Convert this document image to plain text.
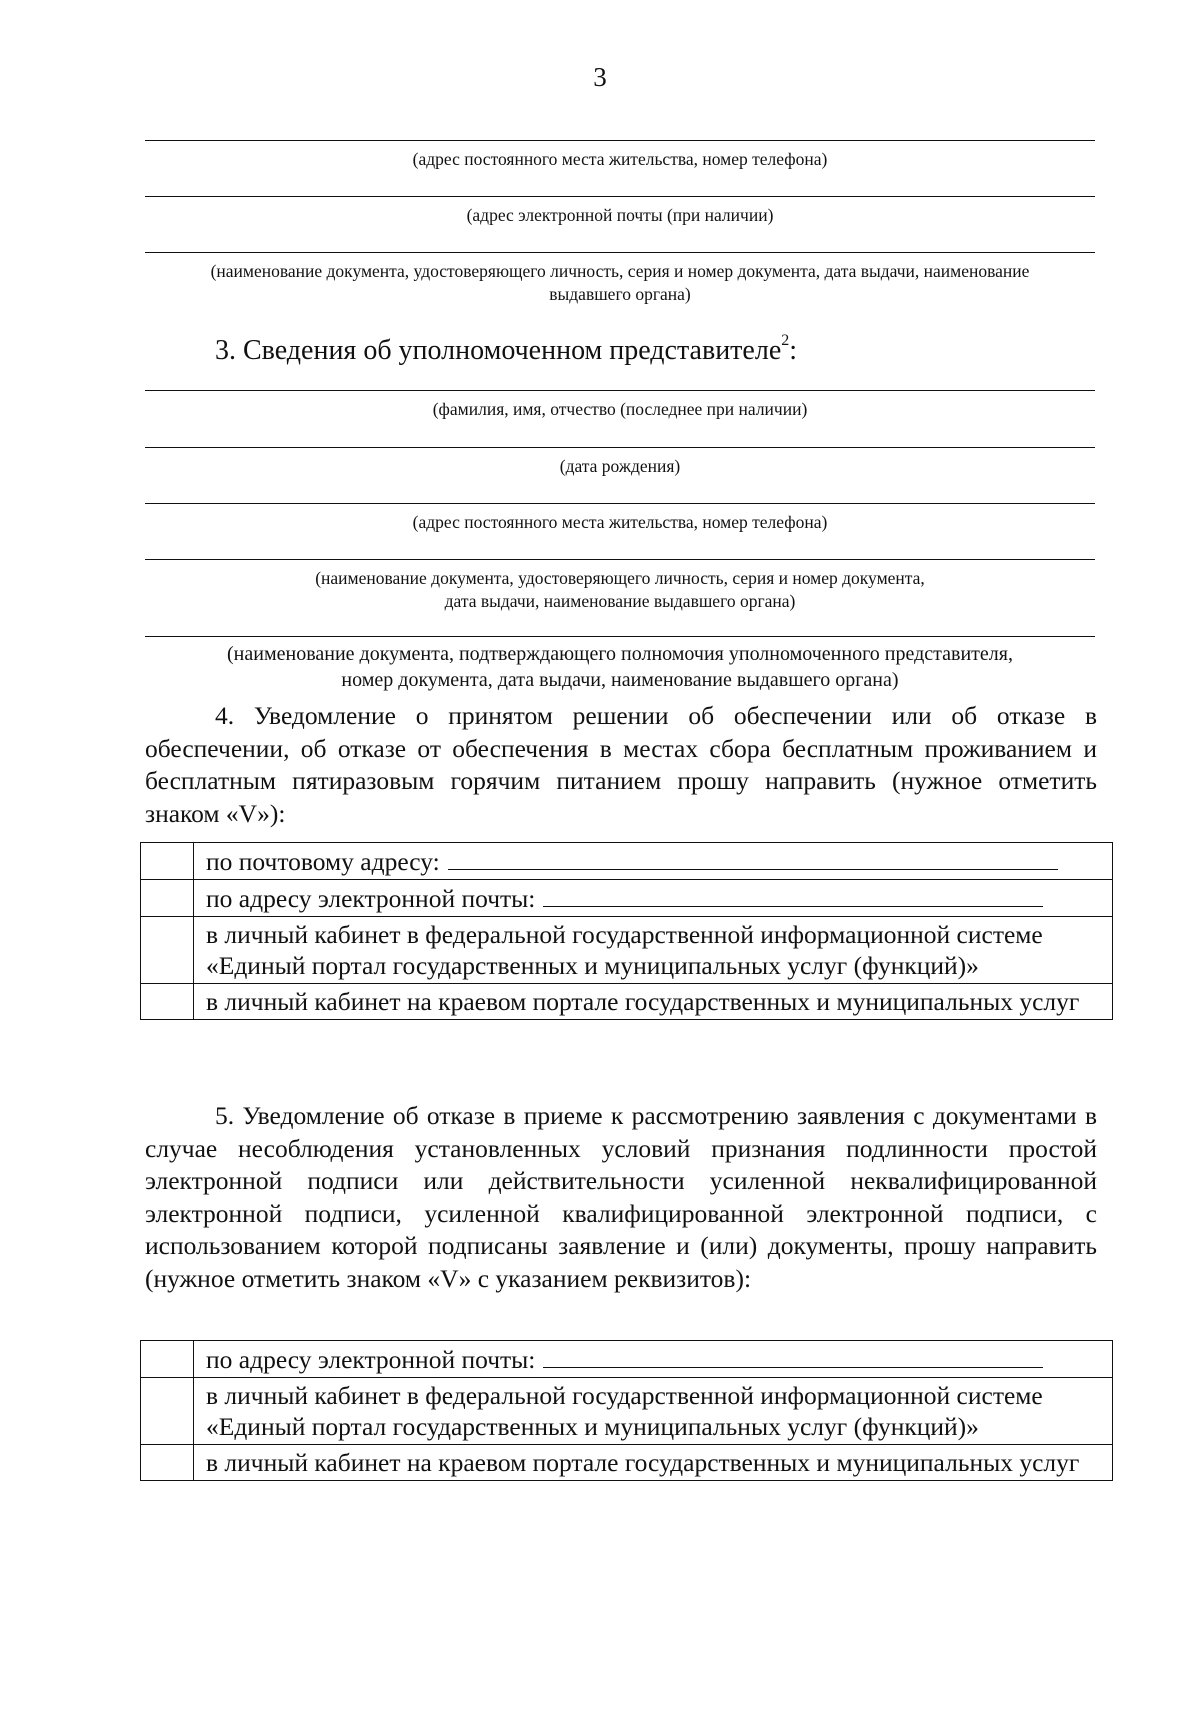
3
(адрес постоянного места жительства, номер телефона)
(адрес электронной почты (при наличии)
(наименование документа, удостоверяющего личность, серия и номер документа, дата выдачи, наименование
выдавшего органа)
3. Сведения об уполномоченном представителе$^2$:
(фамилия, имя, отчество (последнее при наличии)
(дата рождения)
(адрес постоянного места жительства, номер телефона)
(наименование документа, удостоверяющего личность, серия и номер документа,
дата выдачи, наименование выдавшего органа)
(наименование документа, подтверждающего полномочия уполномоченного представителя,
номер документа, дата выдачи, наименование выдавшего органа)

4. Уведомление о принятом решении об обеспечении или об отказе в обеспечении, об отказе от обеспечения в местах сбора бесплатным проживанием и бесплатным пятиразовым горячим питанием прошу направить (нужное отметить знаком «V»):

	по почтовому адресу:
	по адресу электронной почты:
	в личный кабинет в федеральной государственной информационной системе «Единый портал государственных и муниципальных услуг (функций)»
	в личный кабинет на краевом портале государственных и муниципальных услуг

5. Уведомление об отказе в приеме к рассмотрению заявления с документами в случае несоблюдения установленных условий признания подлинности простой электронной подписи или действительности усиленной неквалифицированной электронной подписи, усиленной квалифицированной электронной подписи, с использованием которой подписаны заявление и (или) документы, прошу направить (нужное отметить знаком «V» с указанием реквизитов):

	по адресу электронной почты:
	в личный кабинет в федеральной государственной информационной системе «Единый портал государственных и муниципальных услуг (функций)»
	в личный кабинет на краевом портале государственных и муниципальных услуг
